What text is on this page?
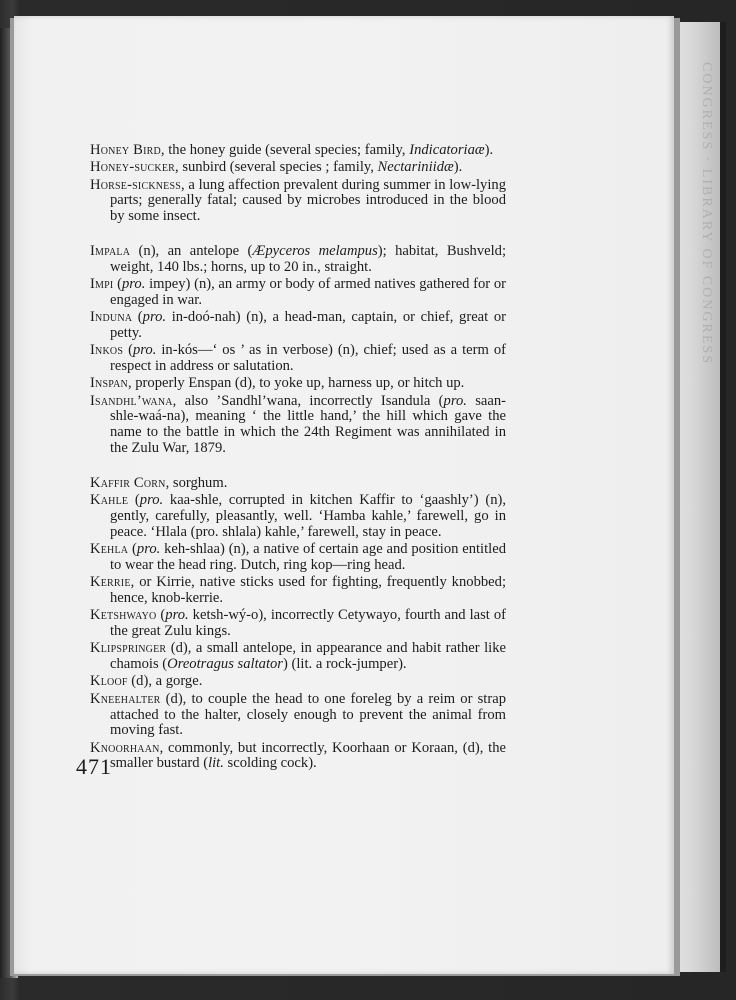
CONGRESS · LIBRARY OF CONGRESS

Honey Bird, the honey guide (several species; family, Indicatoriaæ).

Honey-sucker, sunbird (several species ; family, Nectariniidæ).

Horse-sickness, a lung affection prevalent during summer in low-lying parts; generally fatal; caused by microbes introduced in the blood by some insect.

Impala (n), an antelope (Æpyceros melampus); habitat, Bushveld; weight, 140 lbs.; horns, up to 20 in., straight.

Impi (pro. impey) (n), an army or body of armed natives gathered for or engaged in war.

Induna (pro. in-doó-nah) (n), a head-man, captain, or chief, great or petty.

Inkos (pro. in-kós—‘ os ’ as in verbose) (n), chief; used as a term of respect in address or salutation.

Inspan, properly Enspan (d), to yoke up, harness up, or hitch up.

Isandhl’wana, also ’Sandhl’wana, incorrectly Isandula (pro. saan-shle-waá-na), meaning ‘ the little hand,’ the hill which gave the name to the battle in which the 24th Regiment was annihilated in the Zulu War, 1879.

Kaffir Corn, sorghum.

Kahle (pro. kaa-shle, corrupted in kitchen Kaffir to ‘gaashly’) (n), gently, carefully, pleasantly, well. ‘Hamba kahle,’ farewell, go in peace. ‘Hlala (pro. shlala) kahle,’ farewell, stay in peace.

Kehla (pro. keh-shlaa) (n), a native of certain age and position entitled to wear the head ring. Dutch, ring kop—ring head.

Kerrie, or Kirrie, native sticks used for fighting, frequently knobbed; hence, knob-kerrie.

Ketshwayo (pro. ketsh-wý-o), incorrectly Cetywayo, fourth and last of the great Zulu kings.

Klipspringer (d), a small antelope, in appearance and habit rather like chamois (Oreotragus saltator) (lit. a rock-jumper).

Kloof (d), a gorge.

Kneehalter (d), to couple the head to one foreleg by a reim or strap attached to the halter, closely enough to prevent the animal from moving fast.

Knoorhaan, commonly, but incorrectly, Koorhaan or Koraan, (d), the smaller bustard (lit. scolding cock).

471
